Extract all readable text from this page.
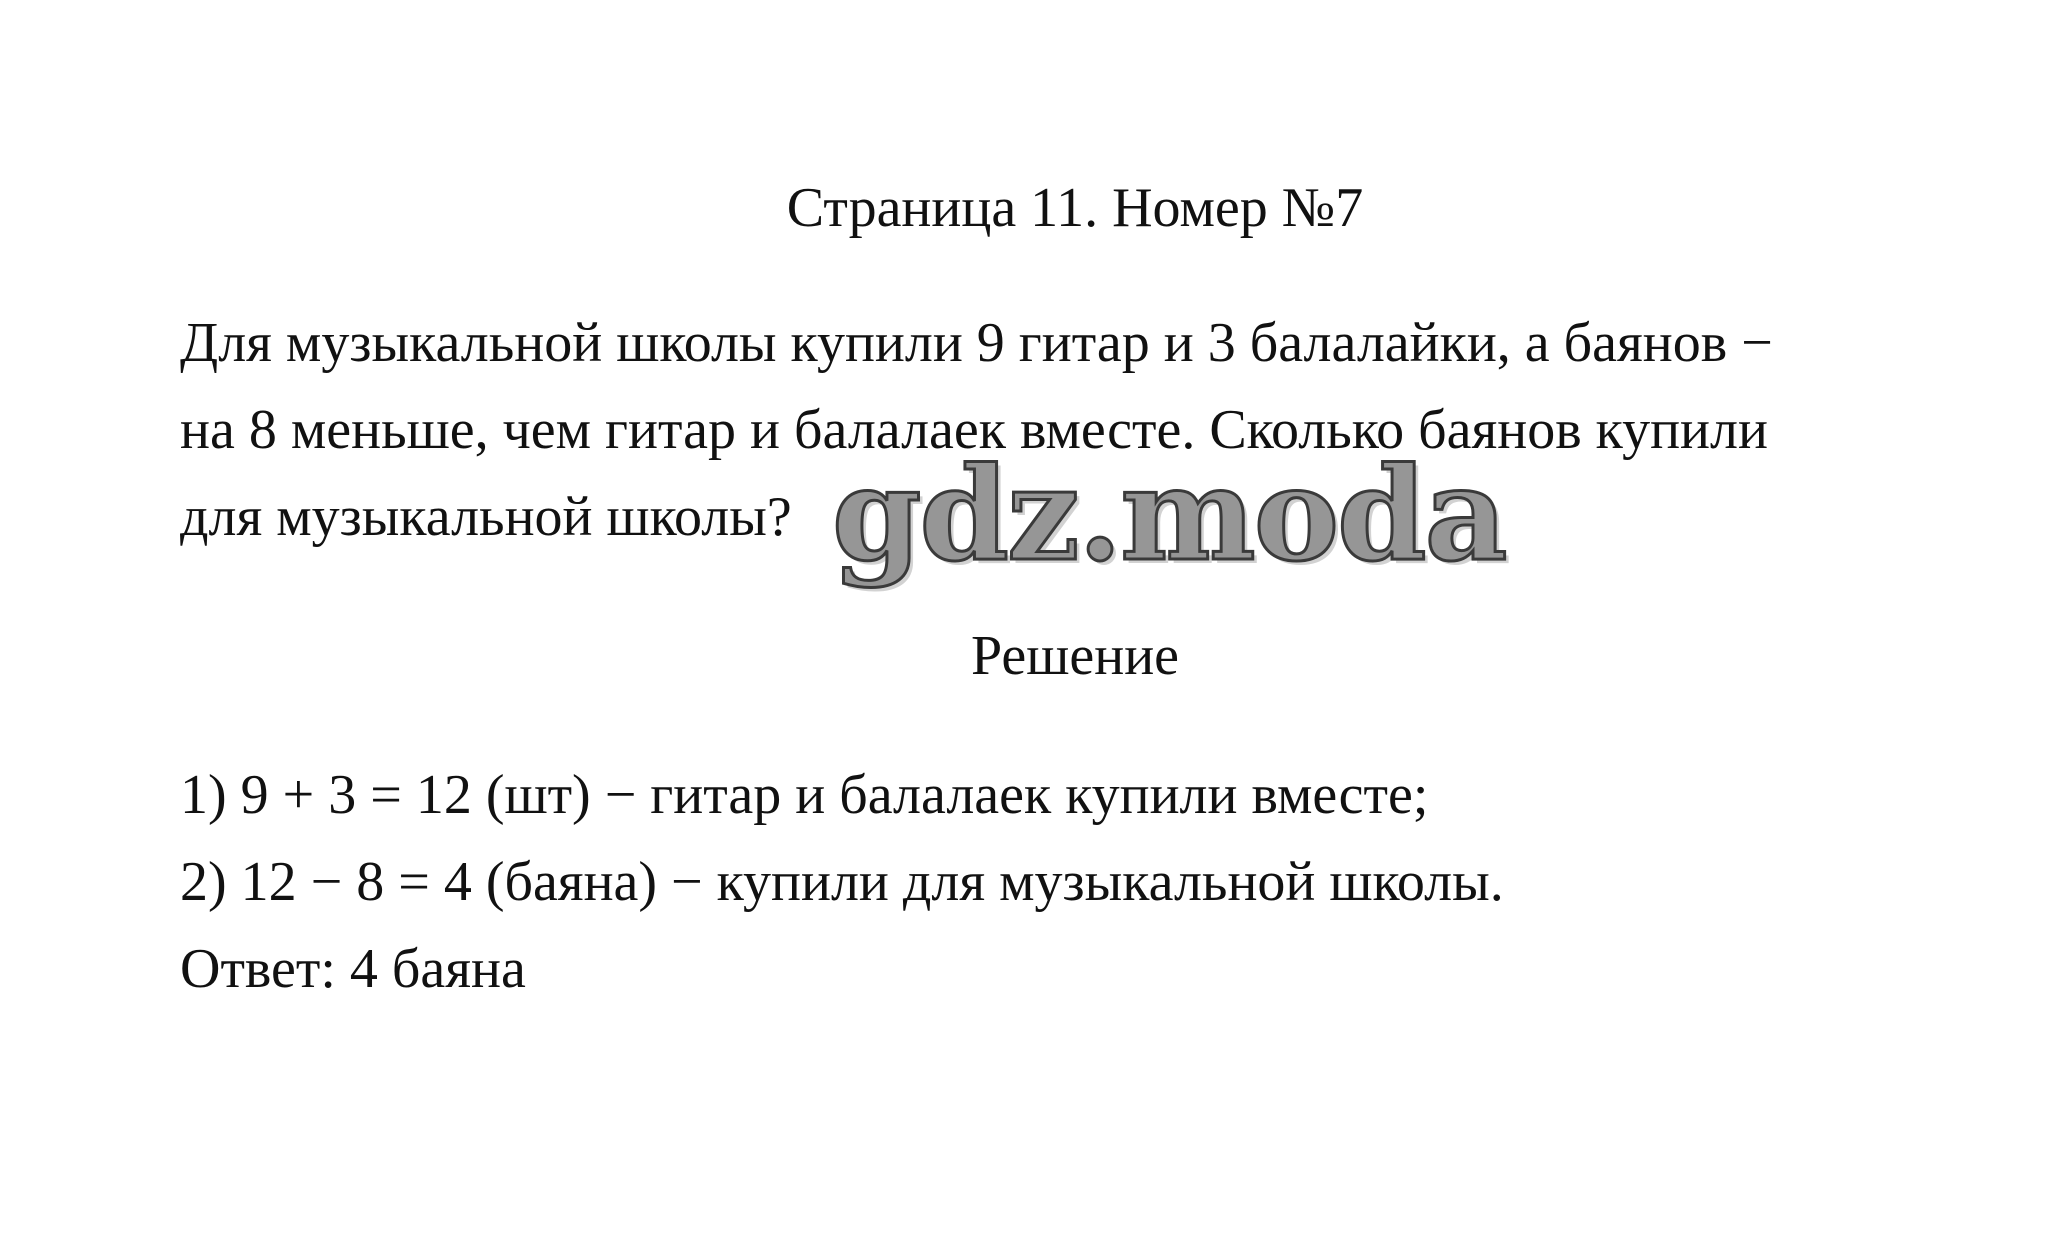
Страница 11. Номер №7
Для музыкальной школы купили 9 гитар и 3 балалайки, а баянов −
на 8 меньше, чем гитар и балалаек вместе. Сколько баянов купили
для музыкальной школы?
Решение
1) 9 + 3 = 12 (шт) − гитар и балалаек купили вместе;
2) 12 − 8 = 4 (баяна) − купили для музыкальной школы.
Ответ: 4 баяна
gdz.moda
